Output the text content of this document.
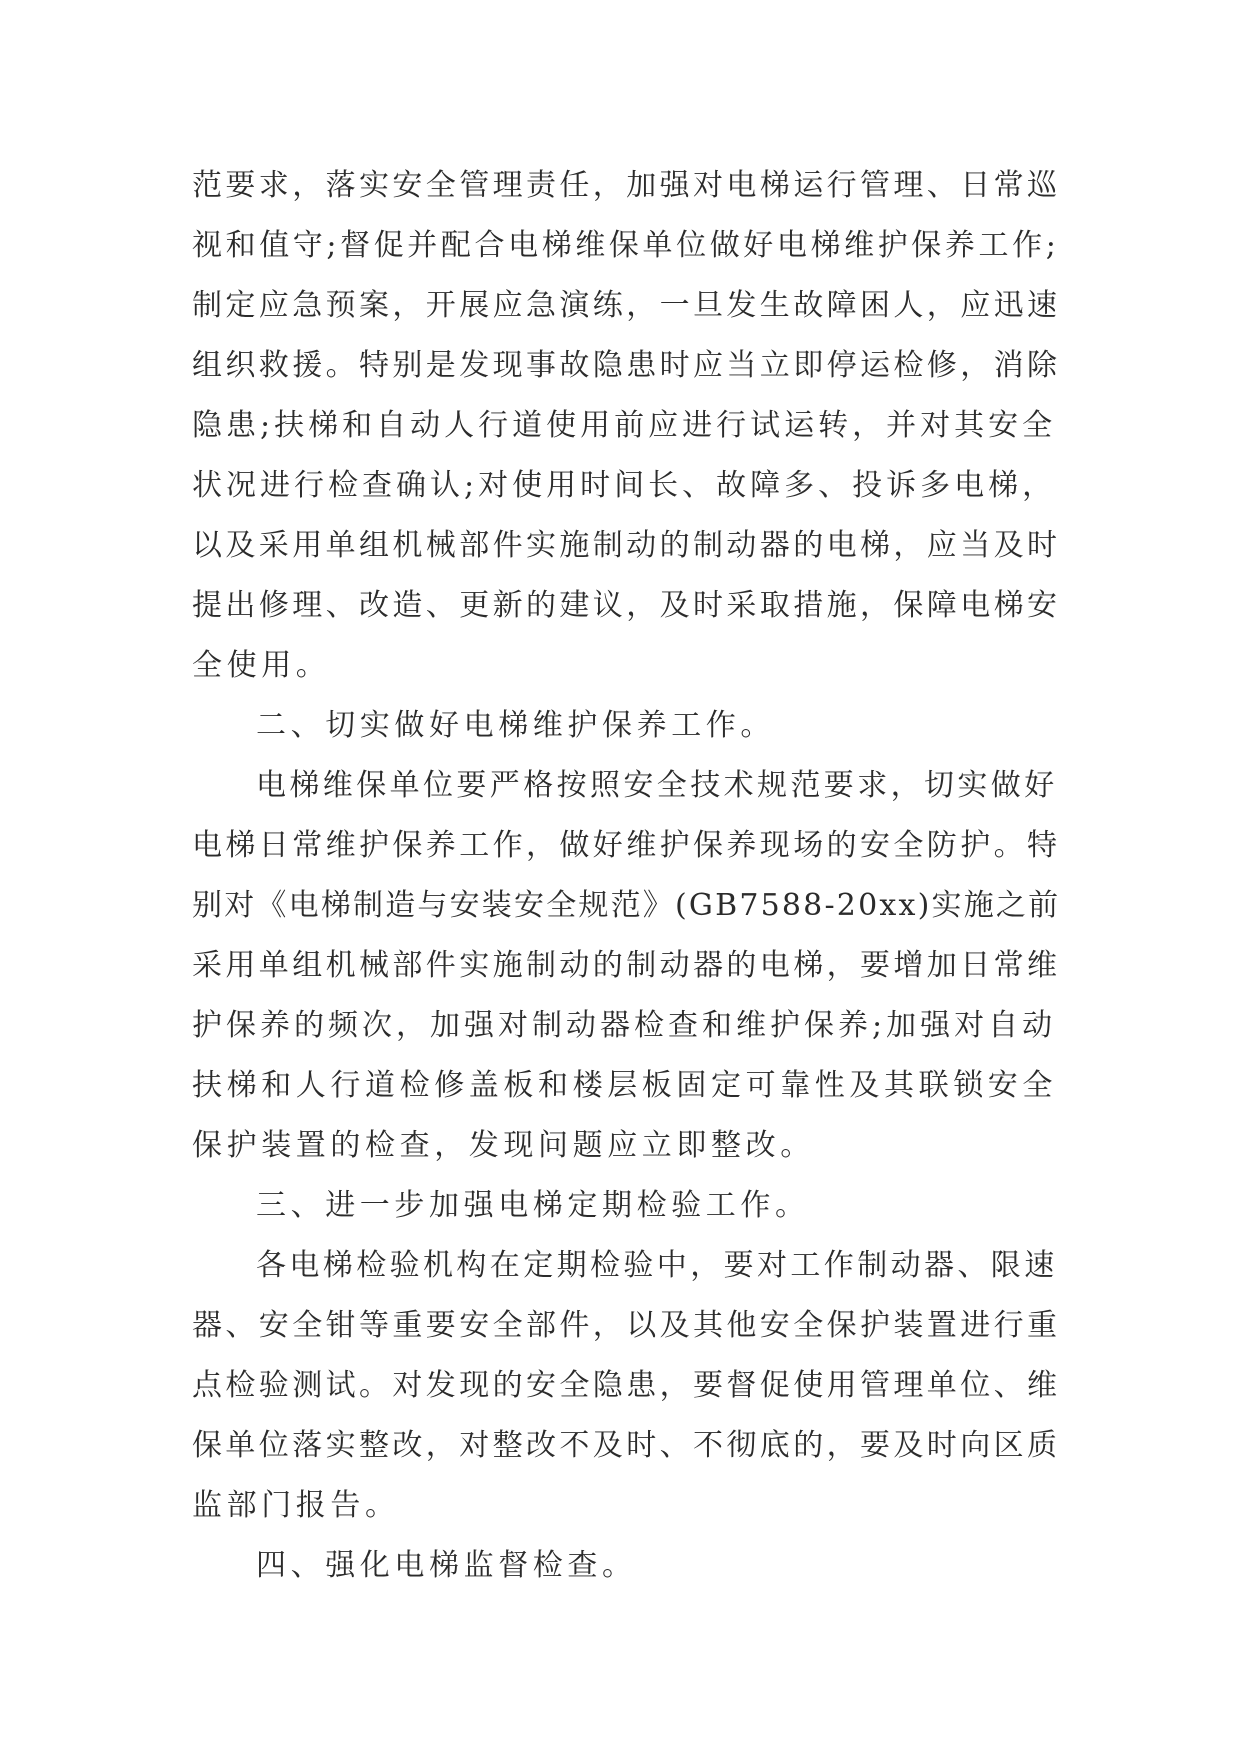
范要求，落实安全管理责任，加强对电梯运行管理、日常巡
视和值守;督促并配合电梯维保单位做好电梯维护保养工作;
制定应急预案，开展应急演练，一旦发生故障困人，应迅速
组织救援。特别是发现事故隐患时应当立即停运检修，消除
隐患;扶梯和自动人行道使用前应进行试运转，并对其安全
状况进行检查确认;对使用时间长、故障多、投诉多电梯，
以及采用单组机械部件实施制动的制动器的电梯，应当及时
提出修理、改造、更新的建议，及时采取措施，保障电梯安
全使用。
二、切实做好电梯维护保养工作。
电梯维保单位要严格按照安全技术规范要求，切实做好
电梯日常维护保养工作，做好维护保养现场的安全防护。特
别对《电梯制造与安装安全规范》(GB7588-20xx)实施之前
采用单组机械部件实施制动的制动器的电梯，要增加日常维
护保养的频次，加强对制动器检查和维护保养;加强对自动
扶梯和人行道检修盖板和楼层板固定可靠性及其联锁安全
保护装置的检查，发现问题应立即整改。
三、进一步加强电梯定期检验工作。
各电梯检验机构在定期检验中，要对工作制动器、限速
器、安全钳等重要安全部件，以及其他安全保护装置进行重
点检验测试。对发现的安全隐患，要督促使用管理单位、维
保单位落实整改，对整改不及时、不彻底的，要及时向区质
监部门报告。
四、强化电梯监督检查。
